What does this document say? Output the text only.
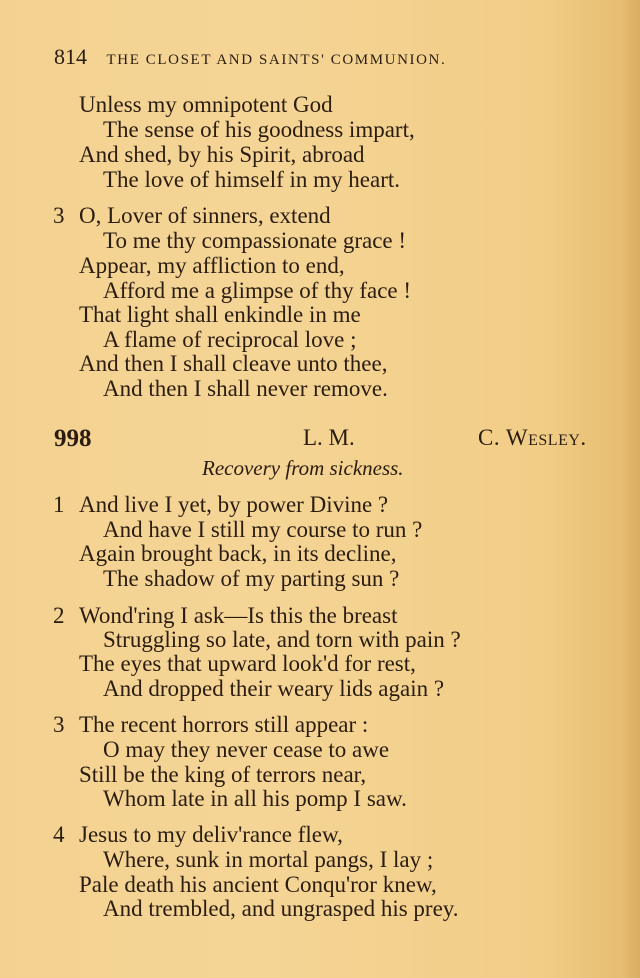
814 THE CLOSET AND SAINTS' COMMUNION.
Unless my omnipotent God
The sense of his goodness impart,
And shed, by his Spirit, abroad
The love of himself in my heart.
3 O, Lover of sinners, extend
To me thy compassionate grace !
Appear, my affliction to end,
Afford me a glimpse of thy face !
That light shall enkindle in me
A flame of reciprocal love ;
And then I shall cleave unto thee,
And then I shall never remove.
998	L. M.	C. Wesley.
Recovery from sickness.
1 And live I yet, by power Divine ?
And have I still my course to run ?
Again brought back, in its decline,
The shadow of my parting sun ?
2 Wond'ring I ask—Is this the breast
Struggling so late, and torn with pain ?
The eyes that upward look'd for rest,
And dropped their weary lids again ?
3 The recent horrors still appear :
O may they never cease to awe
Still be the king of terrors near,
Whom late in all his pomp I saw.
4 Jesus to my deliv'rance flew,
Where, sunk in mortal pangs, I lay ;
Pale death his ancient Conqu'ror knew,
And trembled, and ungrasped his prey.
